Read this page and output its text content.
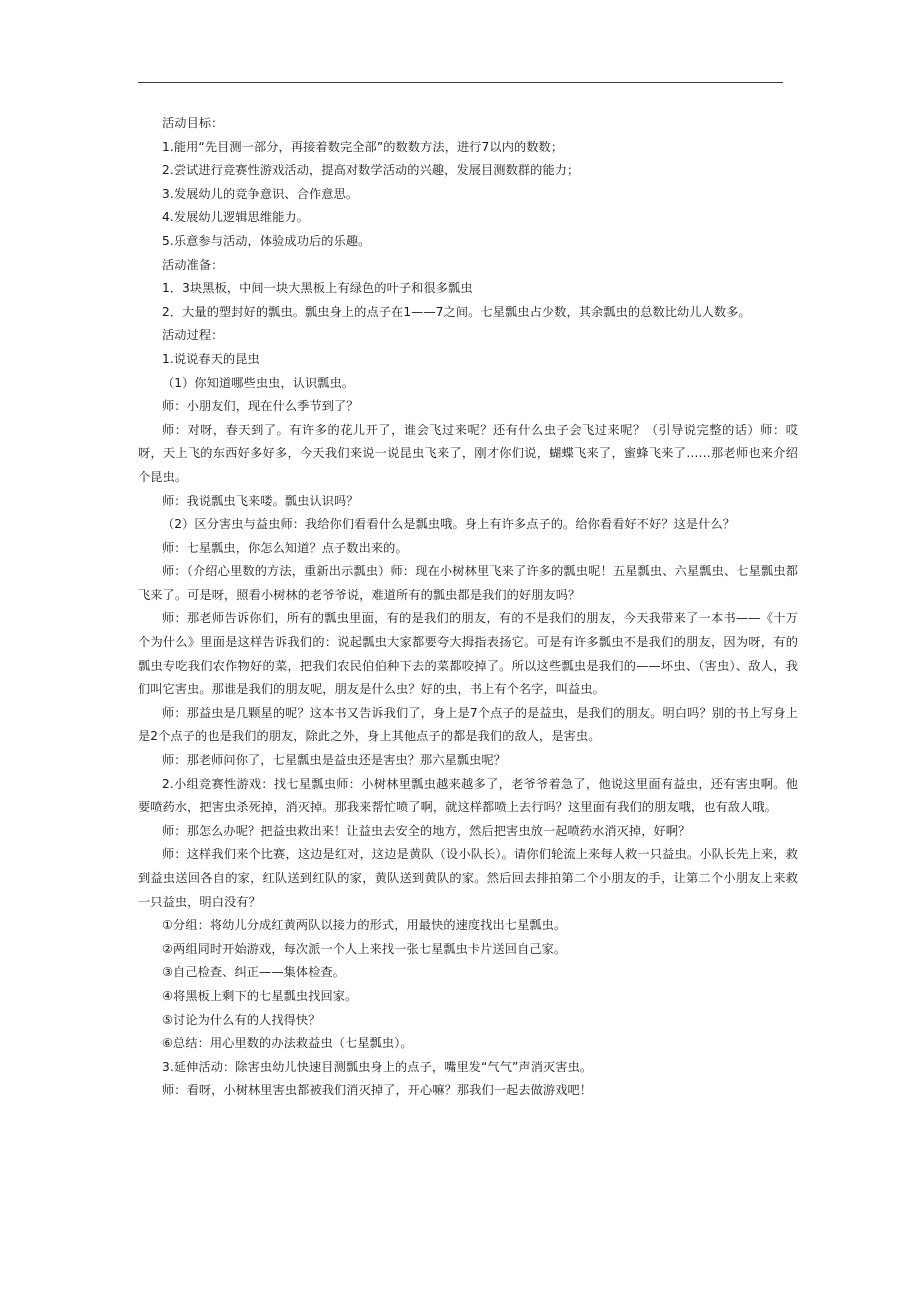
活动目标：

1.能用“先目测一部分，再接着数完全部”的数数方法，进行7以内的数数；

2.尝试进行竞赛性游戏活动，提高对数学活动的兴趣，发展目测数群的能力；

3.发展幼儿的竞争意识、合作意思。

4.发展幼儿逻辑思维能力。

5.乐意参与活动，体验成功后的乐趣。

活动准备：

1．3块黑板，中间一块大黑板上有绿色的叶子和很多瓢虫

2．大量的塑封好的瓢虫。瓢虫身上的点子在1——7之间。七星瓢虫占少数，其余瓢虫的总数比幼儿人数多。

活动过程：

1.说说春天的昆虫

（1）你知道哪些虫虫，认识瓢虫。

师：小朋友们，现在什么季节到了？

师：对呀，春天到了。有许多的花儿开了，谁会飞过来呢？还有什么虫子会飞过来呢？（引导说完整的话）师：哎呀，天上飞的东西好多好多，今天我们来说一说昆虫飞来了，刚才你们说，蝴蝶飞来了，蜜蜂飞来了……那老师也来介绍个昆虫。

师：我说瓢虫飞来喽。瓢虫认识吗？

（2）区分害虫与益虫师：我给你们看看什么是瓢虫哦。身上有许多点子的。给你看看好不好？这是什么？

师：七星瓢虫，你怎么知道？点子数出来的。

师：（介绍心里数的方法，重新出示瓢虫）师：现在小树林里飞来了许多的瓢虫呢！五星瓢虫、六星瓢虫、七星瓢虫都飞来了。可是呀，照看小树林的老爷爷说，难道所有的瓢虫都是我们的好朋友吗？

师：那老师告诉你们，所有的瓢虫里面，有的是我们的朋友，有的不是我们的朋友，今天我带来了一本书——《十万个为什么》里面是这样告诉我们的：说起瓢虫大家都要夸大拇指表扬它。可是有许多瓢虫不是我们的朋友，因为呀，有的瓢虫专吃我们农作物好的菜，把我们农民伯伯种下去的菜都咬掉了。所以这些瓢虫是我们的——坏虫、（害虫）、敌人，我们叫它害虫。那谁是我们的朋友呢，朋友是什么虫？好的虫，书上有个名字，叫益虫。

师：那益虫是几颗星的呢？这本书又告诉我们了，身上是7个点子的是益虫，是我们的朋友。明白吗？别的书上写身上是2个点子的也是我们的朋友，除此之外，身上其他点子的都是我们的敌人，是害虫。

师：那老师问你了，七星瓢虫是益虫还是害虫？那六星瓢虫呢？

2.小组竞赛性游戏：找七星瓢虫师：小树林里瓢虫越来越多了，老爷爷着急了，他说这里面有益虫，还有害虫啊。他要喷药水，把害虫杀死掉，消灭掉。那我来帮忙喷了啊，就这样都喷上去行吗？这里面有我们的朋友哦，也有敌人哦。

师：那怎么办呢？把益虫救出来！让益虫去安全的地方，然后把害虫放一起喷药水消灭掉，好啊？

师：这样我们来个比赛，这边是红对，这边是黄队（设小队长）。请你们轮流上来每人救一只益虫。小队长先上来，救到益虫送回各自的家，红队送到红队的家，黄队送到黄队的家。然后回去排拍第二个小朋友的手，让第二个小朋友上来救一只益虫，明白没有？

①分组：将幼儿分成红黄两队以接力的形式，用最快的速度找出七星瓢虫。

②两组同时开始游戏，每次派一个人上来找一张七星瓢虫卡片送回自己家。

③自己检查、纠正——集体检查。

④将黑板上剩下的七星瓢虫找回家。

⑤讨论为什么有的人找得快？

⑥总结：用心里数的办法救益虫（七星瓢虫）。

3.延伸活动：除害虫幼儿快速目测瓢虫身上的点子，嘴里发“气气”声消灭害虫。

师：看呀，小树林里害虫都被我们消灭掉了，开心嘛？那我们一起去做游戏吧！
